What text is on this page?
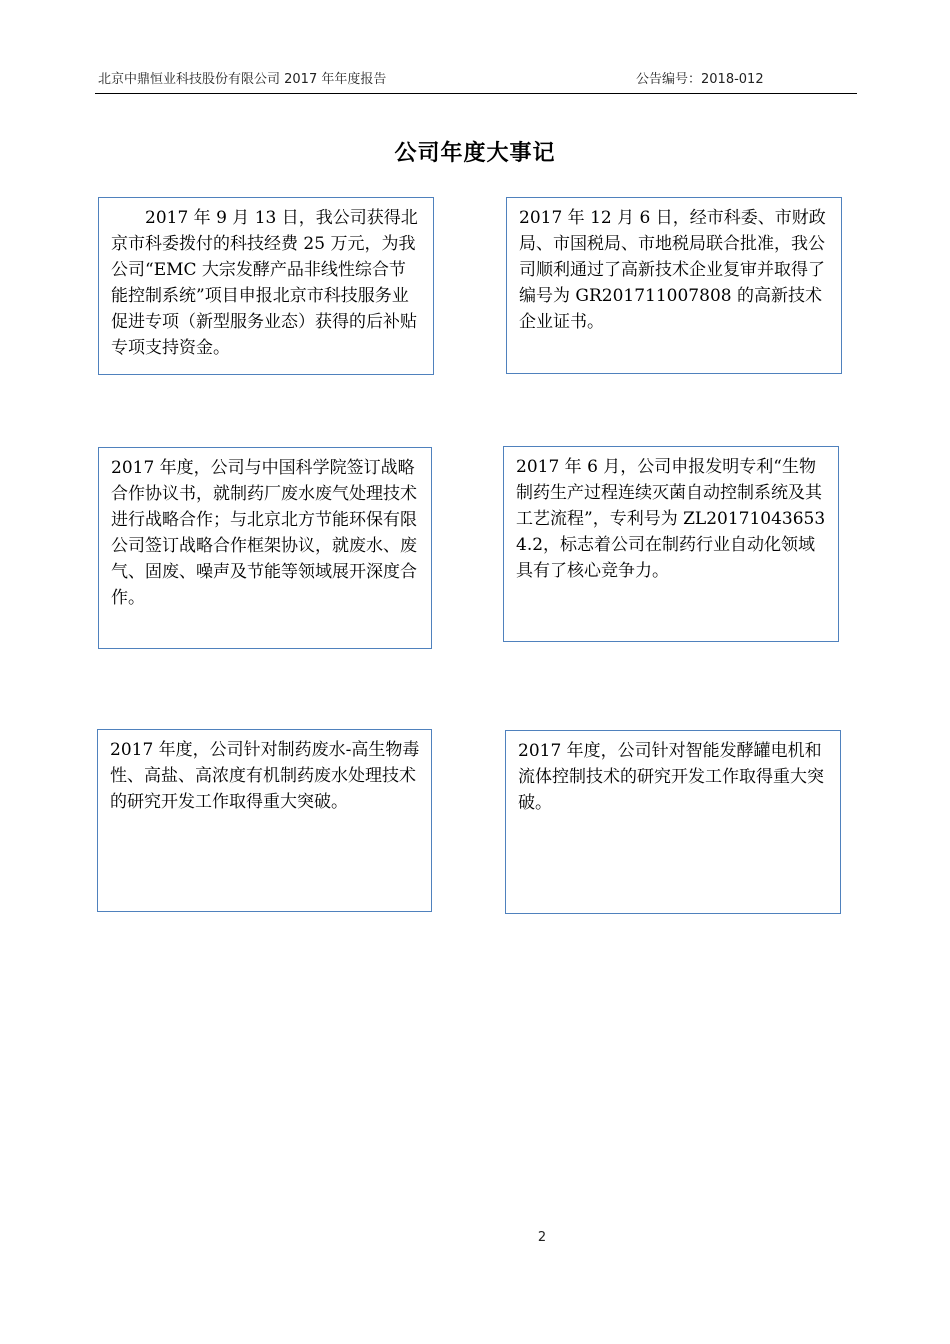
北京中鼎恒业科技股份有限公司 2017 年年度报告	公告编号：2018-012
公司年度大事记
2017 年 9 月 13 日，我公司获得北京市科委拨付的科技经费 25 万元，为我公司“EMC 大宗发酵产品非线性综合节能控制系统”项目申报北京市科技服务业促进专项（新型服务业态）获得的后补贴专项支持资金。
2017 年 12 月 6 日，经市科委、市财政局、市国税局、市地税局联合批准，我公司顺利通过了高新技术企业复审并取得了编号为 GR201711007808 的高新技术企业证书。
2017 年度，公司与中国科学院签订战略合作协议书，就制药厂废水废气处理技术进行战略合作；与北京北方节能环保有限公司签订战略合作框架协议，就废水、废气、固废、噪声及节能等领域展开深度合作。
2017 年 6 月，公司申报发明专利“生物制药生产过程连续灭菌自动控制系统及其工艺流程”，专利号为 ZL201710436534.2，标志着公司在制药行业自动化领域具有了核心竞争力。
2017 年度，公司针对制药废水-高生物毒性、高盐、高浓度有机制药废水处理技术的研究开发工作取得重大突破。
2017 年度，公司针对智能发酵罐电机和流体控制技术的研究开发工作取得重大突破。
2
